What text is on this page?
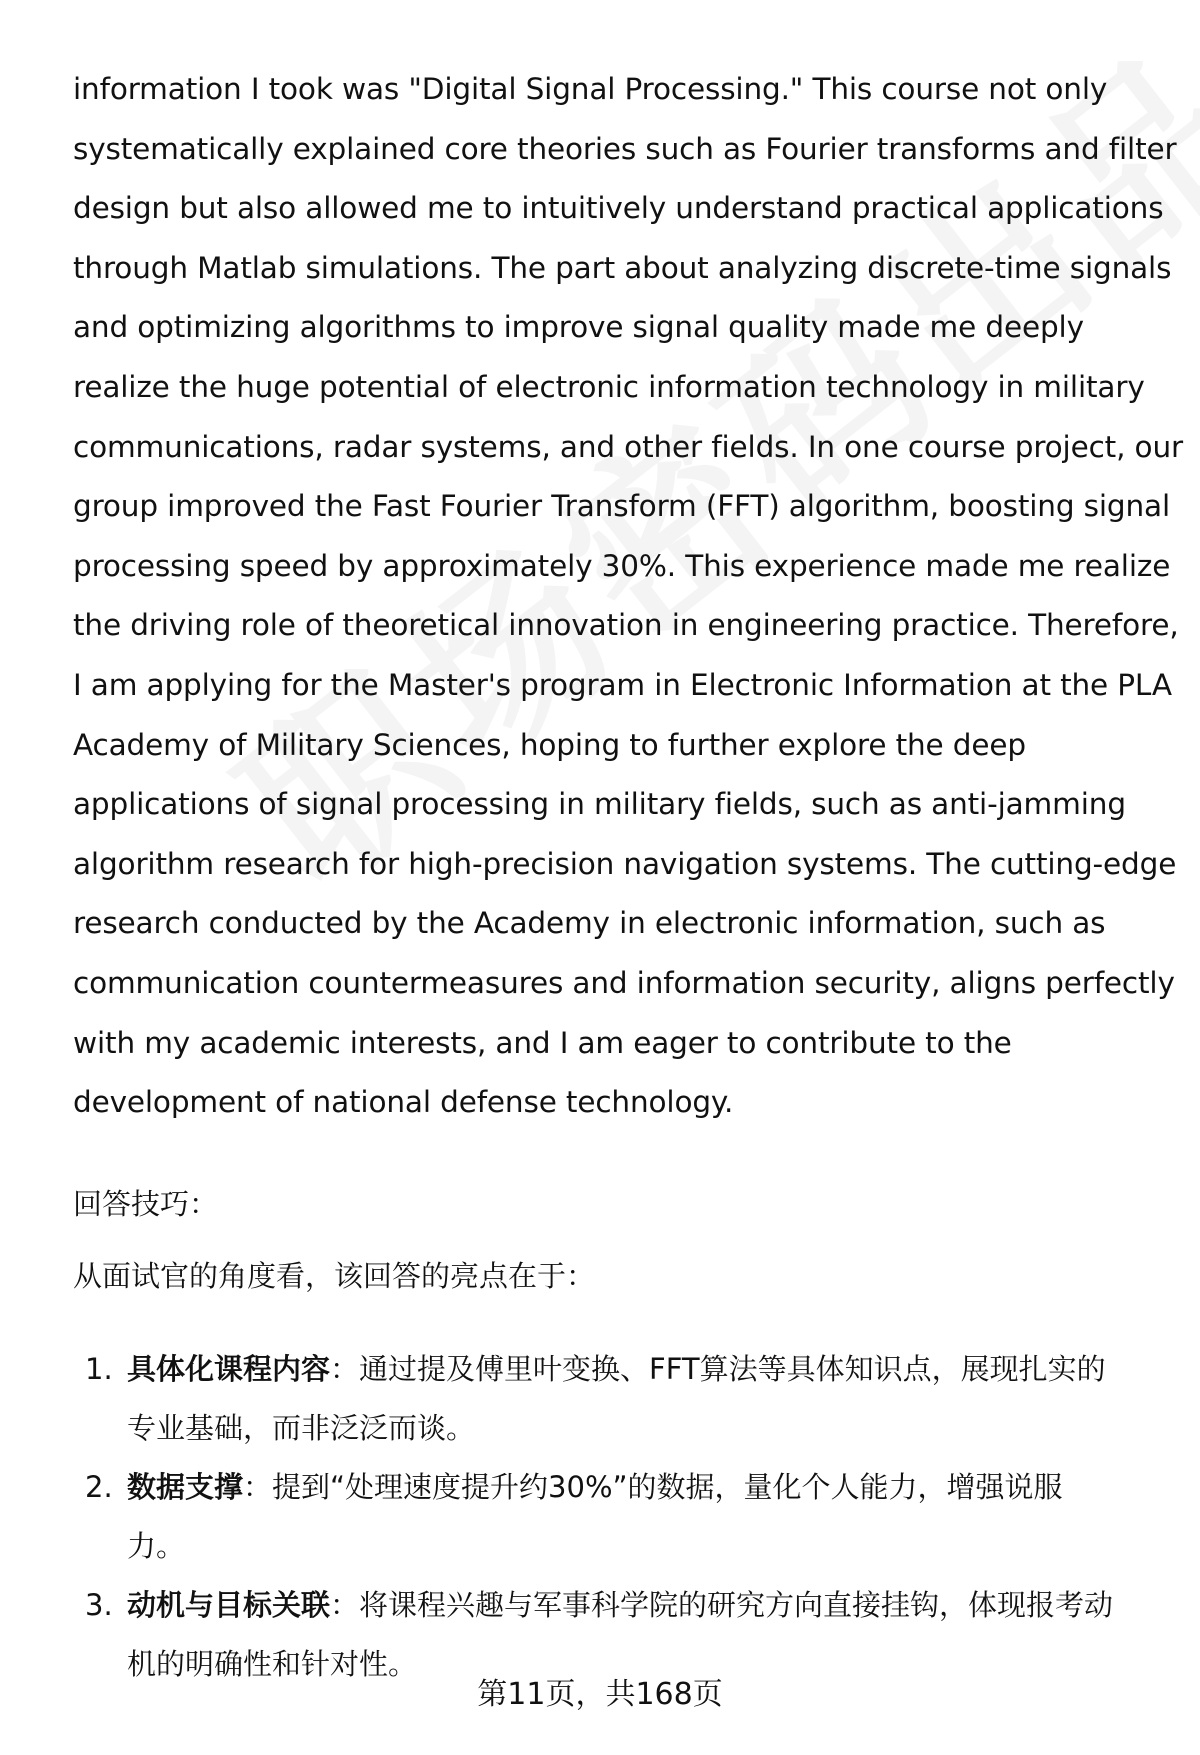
information I took was "Digital Signal Processing." This course not only
systematically explained core theories such as Fourier transforms and filter
design but also allowed me to intuitively understand practical applications
through Matlab simulations. The part about analyzing discrete-time signals
and optimizing algorithms to improve signal quality made me deeply
realize the huge potential of electronic information technology in military
communications, radar systems, and other fields. In one course project, our
group improved the Fast Fourier Transform (FFT) algorithm, boosting signal
processing speed by approximately 30%. This experience made me realize
the driving role of theoretical innovation in engineering practice. Therefore,
I am applying for the Master's program in Electronic Information at the PLA
Academy of Military Sciences, hoping to further explore the deep
applications of signal processing in military fields, such as anti-jamming
algorithm research for high-precision navigation systems. The cutting-edge
research conducted by the Academy in electronic information, such as
communication countermeasures and information security, aligns perfectly
with my academic interests, and I am eager to contribute to the
development of national defense technology.

回答技巧：

从面试官的角度看，该回答的亮点在于：

1. 具体化课程内容：通过提及傅里叶变换、FFT算法等具体知识点，展现扎实的
专业基础，而非泛泛而谈。
2. 数据支撑：提到“处理速度提升约30%”的数据，量化个人能力，增强说服
力。
3. 动机与目标关联：将课程兴趣与军事科学院的研究方向直接挂钩，体现报考动
机的明确性和针对性。
第11页，共168页
